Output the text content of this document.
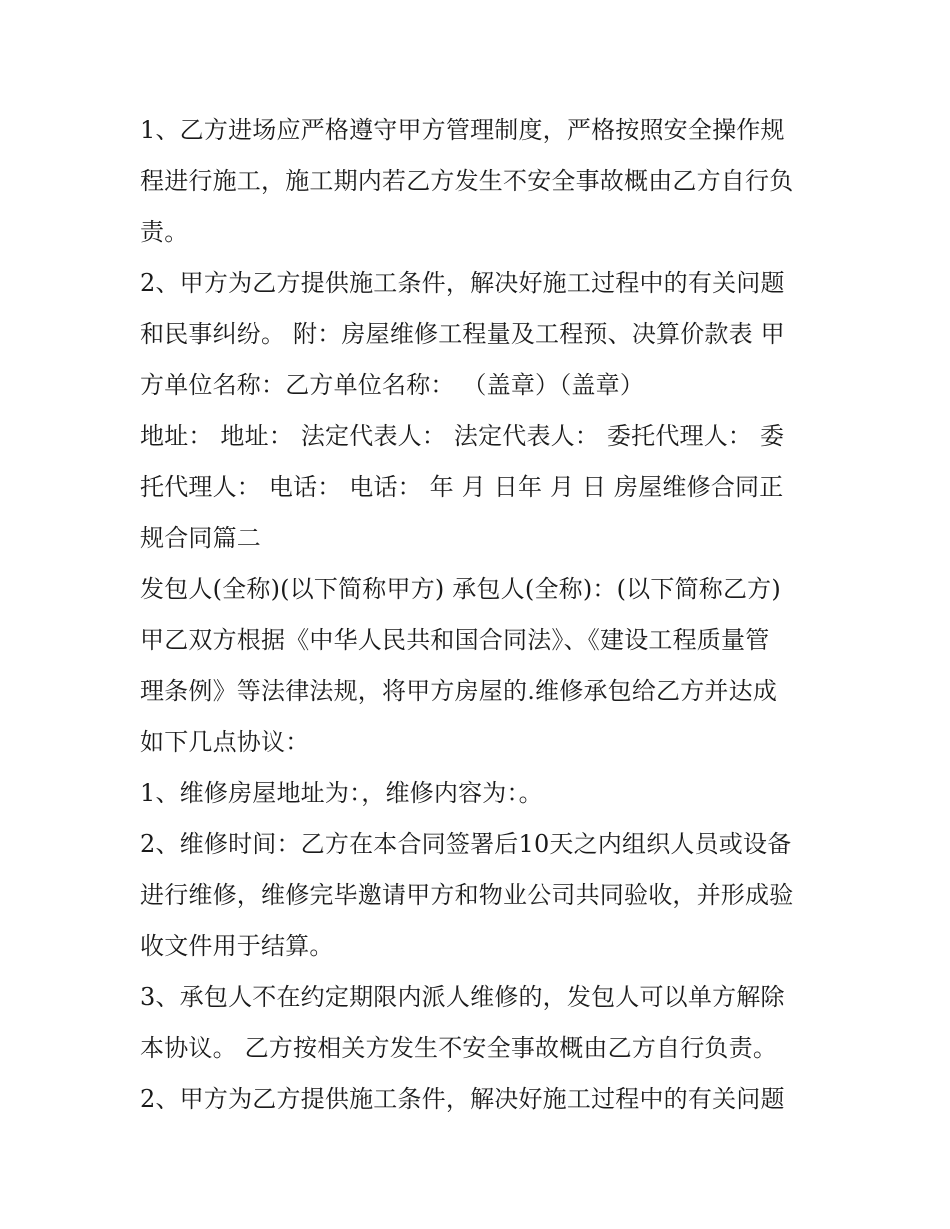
1、乙方进场应严格遵守甲方管理制度，严格按照安全操作规
程进行施工，施工期内若乙方发生不安全事故概由乙方自行负
责。
2、甲方为乙方提供施工条件，解决好施工过程中的有关问题
和民事纠纷。 附：房屋维修工程量及工程预、决算价款表 甲
方单位名称：乙方单位名称： （盖章）（盖章）
地址： 地址： 法定代表人： 法定代表人： 委托代理人： 委
托代理人： 电话： 电话： 年 月 日年 月 日 房屋维修合同正
规合同篇二
发包人(全称)(以下简称甲方) 承包人(全称)：(以下简称乙方)
甲乙双方根据《中华人民共和国合同法》、《建设工程质量管
理条例》等法律法规，将甲方房屋的.维修承包给乙方并达成
如下几点协议：
1、维修房屋地址为：，维修内容为：。
2、维修时间：乙方在本合同签署后10天之内组织人员或设备
进行维修，维修完毕邀请甲方和物业公司共同验收，并形成验
收文件用于结算。
3、承包人不在约定期限内派人维修的，发包人可以单方解除
本协议。 乙方按相关方发生不安全事故概由乙方自行负责。
2、甲方为乙方提供施工条件，解决好施工过程中的有关问题
